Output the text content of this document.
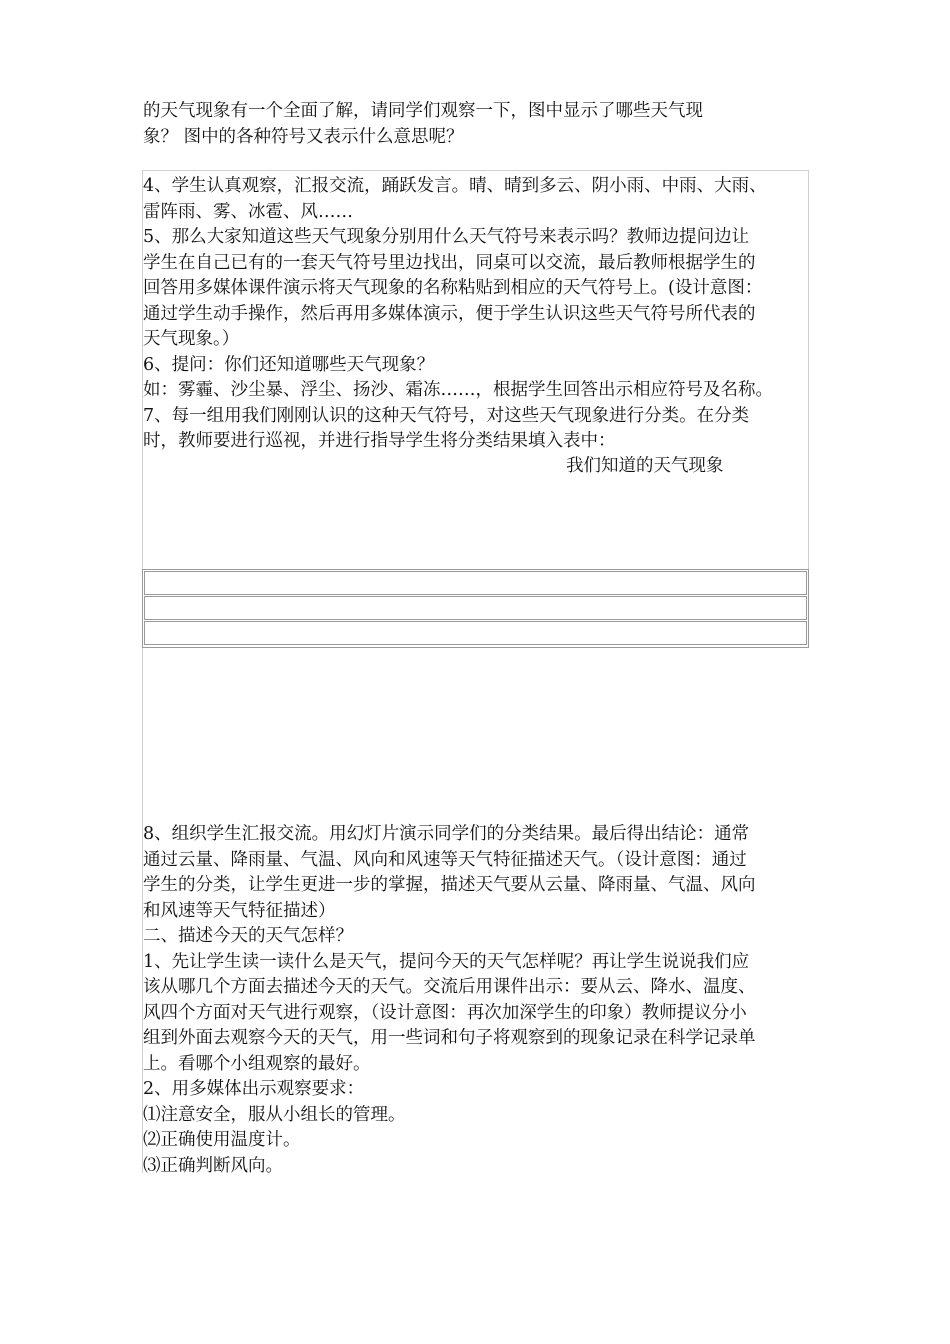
的天气现象有一个全面了解，请同学们观察一下，图中显示了哪些天气现
象？ 图中的各种符号又表示什么意思呢？
4、学生认真观察，汇报交流，踊跃发言。晴、晴到多云、阴小雨、中雨、大雨、
雷阵雨、雾、冰雹、风……
5、那么大家知道这些天气现象分别用什么天气符号来表示吗？教师边提问边让
学生在自己已有的一套天气符号里边找出，同桌可以交流，最后教师根据学生的
回答用多媒体课件演示将天气现象的名称粘贴到相应的天气符号上。(设计意图：
通过学生动手操作，然后再用多媒体演示，便于学生认识这些天气符号所代表的
天气现象。）
6、提问：你们还知道哪些天气现象？
如：雾霾、沙尘暴、浮尘、扬沙、霜冻……，根据学生回答出示相应符号及名称。
7、每一组用我们刚刚认识的这种天气符号，对这些天气现象进行分类。在分类
时，教师要进行巡视，并进行指导学生将分类结果填入表中：
我们知道的天气现象
8、组织学生汇报交流。用幻灯片演示同学们的分类结果。最后得出结论：通常
通过云量、降雨量、气温、风向和风速等天气特征描述天气。（设计意图：通过
学生的分类，让学生更进一步的掌握，描述天气要从云量、降雨量、气温、风向
和风速等天气特征描述）
二、描述今天的天气怎样？
1、先让学生读一读什么是天气，提问今天的天气怎样呢？再让学生说说我们应
该从哪几个方面去描述今天的天气。交流后用课件出示：要从云、降水、温度、
风四个方面对天气进行观察，（设计意图：再次加深学生的印象）教师提议分小
组到外面去观察今天的天气，用一些词和句子将观察到的现象记录在科学记录单
上。看哪个小组观察的最好。
2、用多媒体出示观察要求：
⑴注意安全，服从小组长的管理。
⑵正确使用温度计。
⑶正确判断风向。
